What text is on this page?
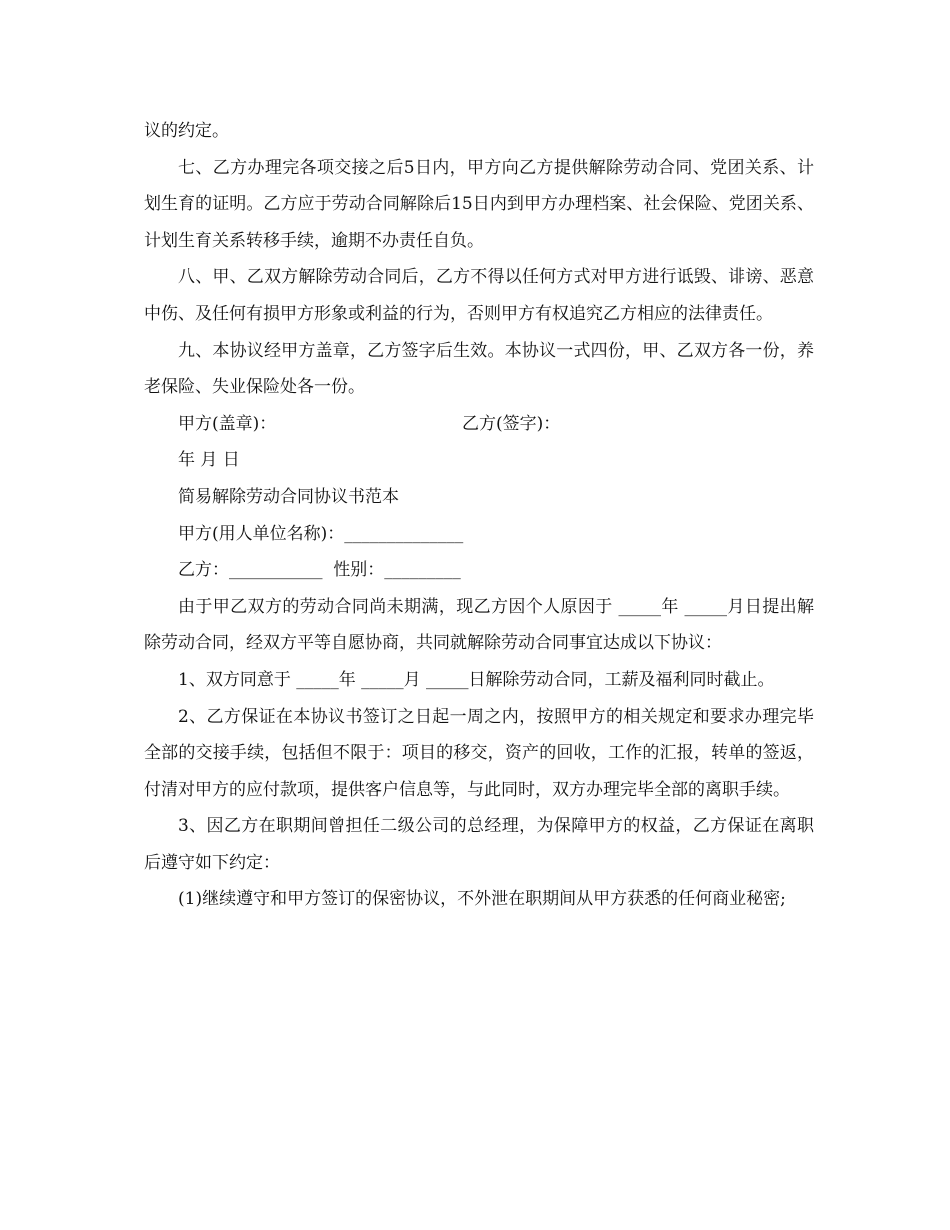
议的约定。

七、乙方办理完各项交接之后5日内，甲方向乙方提供解除劳动合同、党团关系、计划生育的证明。乙方应于劳动合同解除后15日内到甲方办理档案、社会保险、党团关系、计划生育关系转移手续，逾期不办责任自负。

八、甲、乙双方解除劳动合同后，乙方不得以任何方式对甲方进行诋毁、诽谤、恶意中伤、及任何有损甲方形象或利益的行为，否则甲方有权追究乙方相应的法律责任。

九、本协议经甲方盖章，乙方签字后生效。本协议一式四份，甲、乙双方各一份，养老保险、失业保险处各一份。

甲方(盖章)：	乙方(签字)：

年 月 日

简易解除劳动合同协议书范本

甲方(用人单位名称)：______________

乙方：___________  性别：_________

由于甲乙双方的劳动合同尚未期满，现乙方因个人原因于 _____年 _____月日提出解除劳动合同，经双方平等自愿协商，共同就解除劳动合同事宜达成以下协议：

1、双方同意于 _____年 _____月 _____日解除劳动合同，工薪及福利同时截止。

2、乙方保证在本协议书签订之日起一周之内，按照甲方的相关规定和要求办理完毕全部的交接手续，包括但不限于：项目的移交，资产的回收，工作的汇报，转单的签返，付清对甲方的应付款项，提供客户信息等，与此同时，双方办理完毕全部的离职手续。

3、因乙方在职期间曾担任二级公司的总经理，为保障甲方的权益，乙方保证在离职后遵守如下约定：

(1)继续遵守和甲方签订的保密协议，不外泄在职期间从甲方获悉的任何商业秘密;
